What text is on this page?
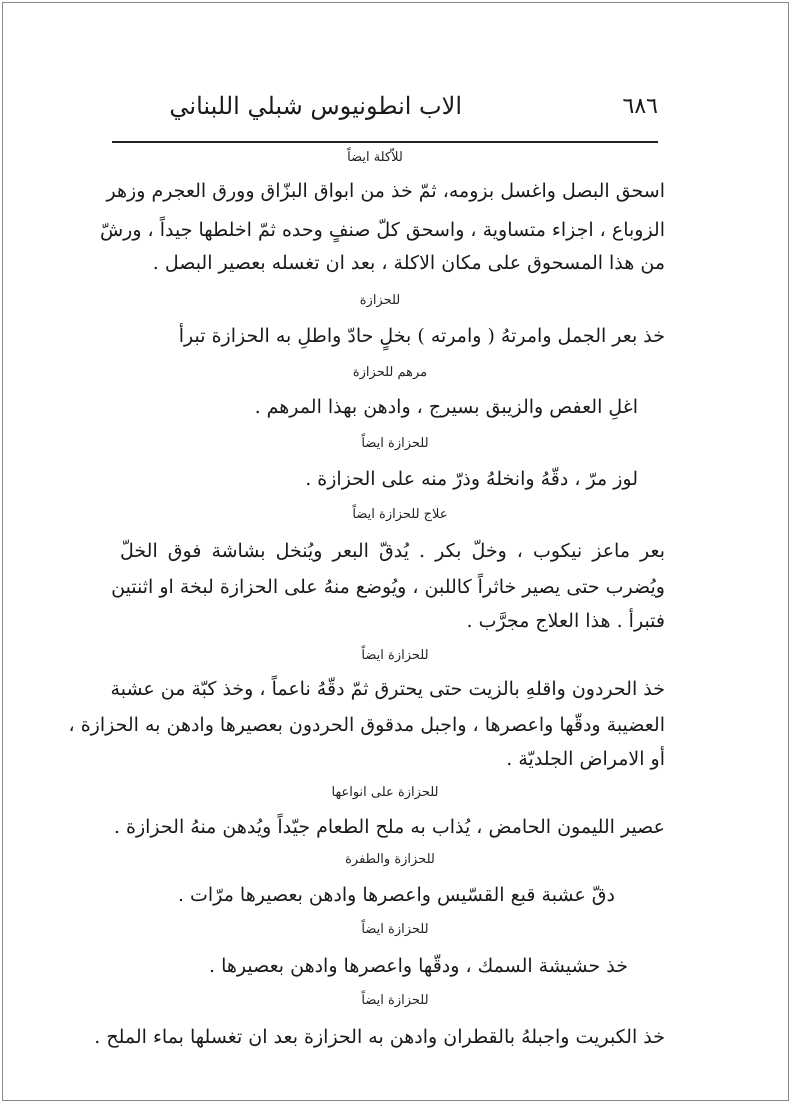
الاب انطونيوس شبلي اللبناني	٦٨٦
للاّكلة ايضاً
اسحق البصل واغسل بزومه، ثمّ خذ من ابواق البزّاق وورق العجرم وزهر
الزوباع ، اجزاء متساوية ، واسحق كلّ صنفٍ وحده ثمّ اخلطها جيداً ، ورشّ
من هذا المسحوق على مكان الاكلة ، بعد ان تغسله بعصير البصل .
للحزازة
خذ بعر الجمل وامرتهُ ( وامرته ) بخلٍ حادّ واطلِ به الحزازة تبرأ
مرهم للحزازة
اغلِ العفص والزيبق بسيرج ، وادهن بهذا المرهم .
للحزازة ايضاً
لوز مرّ ، دقّهُ وانخلهُ وذرّ منه على الحزازة .
علاج للحزازة ايضاً
بعر ماعز نيكوب ، وخلّ بكر . يُدقّ البعر ويُنخل بشاشة فوق الخلّ
ويُضرب حتى يصير خاثراً كاللبن ، ويُوضع منهُ على الحزازة لبخة او اثنتين
فتبرأ . هذا العلاج مجرَّب .
للحزازة ايضاً
خذ الحردون واقلهِ بالزيت حتى يحترق ثمّ دقّهُ ناعماً ، وخذ كبّة من عشبة
العضيبة ودقّها واعصرها ، واجبل مدقوق الحردون بعصيرها وادهن به الحزازة ،
أو الامراض الجلديّة .
للحزازة على انواعها
عصير الليمون الحامض ، يُذاب به ملح الطعام جيّداً ويُدهن منهُ الحزازة .
للحزازة والطفرة
دقّ عشبة قبع القسّيس واعصرها وادهن بعصيرها مرّات .
للحزازة ايضاً
خذ حشيشة السمك ، ودقّها واعصرها وادهن بعصيرها .
للحزازة ايضاً
خذ الكبريت واجبلهُ بالقطران وادهن به الحزازة بعد ان تغسلها بماء الملح .
